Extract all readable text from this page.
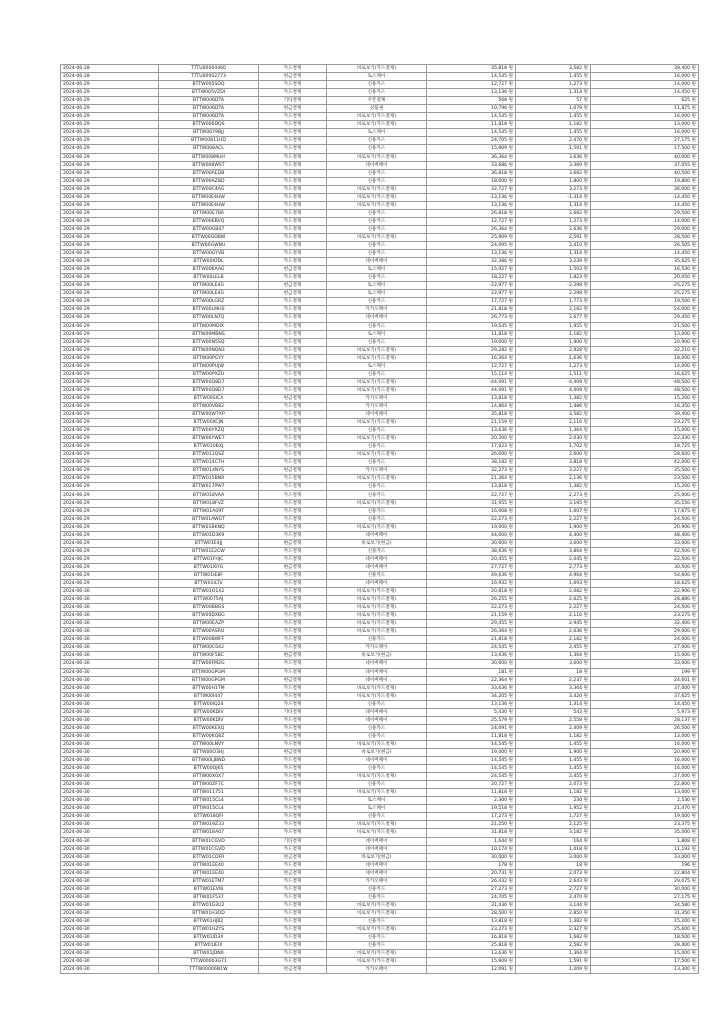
2024-06-28	TTTU00004460	카드결제	바로보기(카드결제)	35,818 원	3,582 원	39,400 원
2024-06-28	TTTU00002773	현금결제	토스페이	14,545 원	1,455 원	16,000 원
2024-06-29	BTTW005SDQ	카드결제	신용카드	12,727 원	1,273 원	14,000 원
2024-06-29	BTTW005VZDI	카드결제	신용카드	13,136 원	1,314 원	14,450 원
2024-06-29	BTTW006DTA	기타결제	쿠폰결제	568 원	57 원	625 원
2024-06-29	BTTW006DTA	현금결제	상품권	10,796 원	1,079 원	11,875 원
2024-06-29	BTTW006DTA	카드결제	바로보기(카드결제)	14,545 원	1,455 원	16,000 원
2024-06-29	BTTW006DQS	카드결제	바로보기(카드결제)	11,818 원	1,182 원	13,000 원
2024-06-29	BTTW0079BJJ	카드결제	토스페이	14,545 원	1,455 원	16,000 원
2024-06-29	BTTW00811HD	카드결제	신용카드	24,705 원	2,470 원	27,175 원
2024-06-29	BTTW008ACL	카드결제	신용카드	15,909 원	1,591 원	17,500 원
2024-06-29	BTTW008MUH	카드결제	바로보기(카드결제)	36,364 원	3,636 원	40,000 원
2024-06-29	BTTW008WST	카드결제	네이버페이	33,686 원	3,369 원	37,055 원
2024-06-29	BTTW00AEDB	카드결제	신용카드	36,818 원	3,682 원	40,500 원
2024-06-29	BTTW00AZBD	카드결제	신용카드	18,000 원	1,800 원	19,800 원
2024-06-29	BTTW00C4AG	카드결제	바로보기(카드결제)	32,727 원	3,273 원	36,000 원
2024-06-29	BTTW00E4HW	카드결제	바로보기(카드결제)	-13,136 원	-1,314 원	-14,450 원
2024-06-29	BTTW00E4HW	카드결제	바로보기(카드결제)	13,136 원	1,314 원	14,450 원
2024-06-29	BTTW00E7B6	카드결제	신용카드	26,818 원	2,682 원	29,500 원
2024-06-29	BTTW00EBVQ	카드결제	신용카드	12,727 원	1,273 원	14,000 원
2024-06-29	BTTW00GB07	카드결제	신용카드	26,364 원	2,636 원	29,000 원
2024-06-29	BTTW00GDBW	카드결제	바로보기(카드결제)	25,909 원	2,591 원	28,500 원
2024-06-29	BTTW00GWNU	카드결제	신용카드	24,095 원	2,410 원	26,505 원
2024-06-29	BTTW00GYVB	카드결제	신용카드	13,136 원	1,314 원	14,450 원
2024-06-29	BTTW00IODL	카드결제	네이버페이	32,386 원	3,239 원	35,625 원
2024-06-29	BTTW00KAAG	현금결제	토스페이	15,027 원	1,503 원	16,530 원
2024-06-29	BTTW00LELB	카드결제	신용카드	18,227 원	1,823 원	20,050 원
2024-06-29	BTTW00LE4G	현금결제	토스페이	-22,977 원	-2,298 원	-25,275 원
2024-06-29	BTTW00LE4G	현금결제	토스페이	22,977 원	2,298 원	25,275 원
2024-06-29	BTTW00LGRZ	카드결제	신용카드	17,727 원	1,773 원	19,500 원
2024-06-29	BTTW00LMHS	카드결제	카카오페이	21,818 원	2,182 원	24,000 원
2024-06-29	BTTW00LN7Q	카드결제	네이버페이	26,773 원	2,677 원	29,450 원
2024-06-29	BTTW00MDIX	카드결제	신용카드	19,545 원	1,955 원	21,500 원
2024-06-29	BTTW00MBNS	카드결제	토스페이	11,818 원	1,182 원	13,000 원
2024-06-29	BTTW00N5SQ	카드결제	신용카드	19,000 원	1,900 원	20,900 원
2024-06-29	BTTW00NQN3	카드결제	바로보기(카드결제)	29,282 원	2,928 원	32,210 원
2024-06-29	BTTW00PGYY	카드결제	바로보기(카드결제)	16,364 원	1,636 원	18,000 원
2024-06-29	BTTW00PUJW	카드결제	토스페이	12,727 원	1,273 원	14,000 원
2024-06-29	BTTW00PXZU	카드결제	신용카드	15,114 원	1,511 원	16,625 원
2024-06-29	BTTW00Q8D7	카드결제	바로보기(카드결제)	-44,091 원	-4,409 원	-48,500 원
2024-06-29	BTTW00Q8D7	카드결제	바로보기(카드결제)	44,091 원	4,409 원	48,500 원
2024-06-29	BTTW00SICA	현금결제	카카오페이	13,818 원	1,382 원	15,200 원
2024-06-29	BTTW00VB82	카드결제	카카오페이	14,864 원	1,486 원	16,350 원
2024-06-29	BTTW00W7XP	카드결제	네이버페이	35,818 원	3,582 원	39,400 원
2024-06-29	BTTW00XCJN	카드결제	바로보기(카드결제)	21,159 원	2,116 원	23,275 원
2024-06-29	BTTW00YRZQ	카드결제	신용카드	13,636 원	1,364 원	15,000 원
2024-06-29	BTTW00YWE7	카드결제	바로보기(카드결제)	20,300 원	2,030 원	22,330 원
2024-06-29	BTTW010BXJ	카드결제	신용카드	17,023 원	1,702 원	18,725 원
2024-06-29	BTTW011QSZ	카드결제	바로보기(카드결제)	26,000 원	2,600 원	28,600 원
2024-06-29	BTTW014C7H	카드결제	신용카드	38,182 원	3,818 원	42,000 원
2024-06-29	BTTW014NYS	현금결제	카카오페이	32,273 원	3,227 원	35,500 원
2024-06-29	BTTW015BNR	카드결제	바로보기(카드결제)	21,364 원	2,136 원	23,500 원
2024-06-29	BTTW017PW7	카드결제	신용카드	13,818 원	1,382 원	15,200 원
2024-06-29	BTTW018VAA	카드결제	신용카드	22,727 원	2,273 원	25,000 원
2024-06-29	BTTW018FVZ	카드결제	바로보기(카드결제)	31,955 원	3,195 원	35,150 원
2024-06-29	BTTW01A09T	카드결제	신용카드	16,068 원	1,607 원	17,675 원
2024-06-29	BTTW01AWGT	카드결제	신용카드	22,273 원	2,227 원	24,500 원
2024-06-29	BTTW01BKNQ	카드결제	바로보기(카드결제)	19,000 원	1,900 원	20,900 원
2024-06-29	BTTW01D3K9	카드결제	네이버페이	44,000 원	4,400 원	48,400 원
2024-06-29	BTTW01E4JJ	현금결제	바로보기(현금)	30,000 원	3,000 원	33,000 원
2024-06-29	BTTW01E2CW	카드결제	신용카드	38,636 원	3,864 원	42,500 원
2024-06-29	BTTW01FHJC	카드결제	네이버페이	20,455 원	2,045 원	22,500 원
2024-06-29	BTTW01I6YG	현금결제	네이버페이	27,727 원	2,773 원	30,500 원
2024-06-29	BTTW01IE8F	카드결제	신용카드	49,636 원	4,964 원	54,600 원
2024-06-29	BTTW01ILTV	카드결제	네이버페이	16,932 원	1,693 원	18,625 원
2024-06-30	BTTW01O1X2	카드결제	바로보기(카드결제)	20,818 원	2,082 원	22,900 원
2024-06-30	BTTW0075AJ	카드결제	바로보기(카드결제)	26,255 원	2,625 원	28,880 원
2024-06-30	BTTW00BBGS	카드결제	바로보기(카드결제)	22,273 원	2,227 원	24,500 원
2024-06-30	BTTW00DXBG	카드결제	바로보기(카드결제)	21,159 원	2,116 원	23,275 원
2024-06-30	BTTW00EAZP	카드결제	바로보기(카드결제)	29,455 원	2,945 원	32,400 원
2024-06-30	BTTW00ASRU	카드결제	바로보기(카드결제)	26,364 원	2,636 원	29,000 원
2024-06-30	BTTW00BWFF	카드결제	신용카드	21,818 원	2,182 원	24,000 원
2024-06-30	BTTW00C042	카드결제	카카오페이	24,545 원	2,455 원	27,000 원
2024-06-30	BTTW00F5BC	현금결제	바로보기(현금)	13,636 원	1,364 원	15,000 원
2024-06-30	BTTW00FM2G	카드결제	네이버페이	30,000 원	3,000 원	33,000 원
2024-06-30	BTTW00GPGM	카드결제	네이버페이	181 원	18 원	199 원
2024-06-30	BTTW00GPGM	현금결제	네이버페이	22,364 원	2,237 원	24,601 원
2024-06-30	BTTW00H1TM	카드결제	바로보기(카드결제)	33,636 원	3,364 원	37,000 원
2024-06-30	BTTW00I447	카드결제	바로보기(카드결제)	34,205 원	3,420 원	37,625 원
2024-06-30	BTTW00IQ24	카드결제	신용카드	13,136 원	1,314 원	14,450 원
2024-06-30	BTTW00KDIV	기타결제	네이버페이	5,430 원	543 원	5,973 원
2024-06-30	BTTW00KDIV	카드결제	네이버페이	25,579 원	2,558 원	28,137 원
2024-06-30	BTTW00KEXQ	카드결제	신용카드	24,091 원	2,409 원	26,500 원
2024-06-30	BTTW00KQ8Z	카드결제	신용카드	11,818 원	1,182 원	13,000 원
2024-06-30	BTTW00LNVY	카드결제	바로보기(카드결제)	14,545 원	1,455 원	16,000 원
2024-06-30	BTTW00O3HJ	현금결제	바로보기(현금)	19,000 원	1,900 원	20,900 원
2024-06-30	BTTW00LJBND	카드결제	네이버페이	14,545 원	1,455 원	16,000 원
2024-06-30	BTTW00QJ65	카드결제	신용카드	14,545 원	1,455 원	16,000 원
2024-06-30	BTTW00X0X7	카드결제	바로보기(카드결제)	24,545 원	2,455 원	27,000 원
2024-06-30	BTTW00ZF7C	카드결제	신용카드	20,727 원	2,073 원	22,800 원
2024-06-30	BTTW011751	카드결제	바로보기(카드결제)	11,818 원	1,182 원	13,000 원
2024-06-30	BTTW015CL4	카드결제	토스페이	2,300 원	230 원	2,530 원
2024-06-30	BTTW015CL4	카드결제	토스페이	19,518 원	1,952 원	21,470 원
2024-06-30	BTTW018QFI	카드결제	신용카드	17,273 원	1,727 원	19,000 원
2024-06-30	BTTW019Z33	카드결제	바로보기(카드결제)	21,250 원	2,125 원	23,375 원
2024-06-30	BTTW01BA07	카드결제	바로보기(카드결제)	31,818 원	3,182 원	35,000 원
2024-06-30	BTTW01CGVD	기타결제	네이버페이	1,644 원	164 원	1,808 원
2024-06-30	BTTW01CGVD	카드결제	네이버페이	10,174 원	1,018 원	11,192 원
2024-06-30	BTTW01COFR	현금결제	바로보기(현금)	30,000 원	3,000 원	33,000 원
2024-06-30	BTTW01EE40	카드결제	네이버페이	178 원	18 원	196 원
2024-06-30	BTTW01EE40	현금결제	네이버페이	20,731 원	2,073 원	22,804 원
2024-06-30	BTTW01ETM7	카드결제	카카오페이	26,432 원	2,643 원	29,075 원
2024-06-30	BTTW01EVI8	카드결제	신용카드	27,273 원	2,727 원	30,000 원
2024-06-30	BTTW01F537	카드결제	신용카드	24,705 원	2,470 원	27,175 원
2024-06-30	BTTW01G2U2	카드결제	바로보기(카드결제)	31,436 원	3,144 원	34,580 원
2024-06-30	BTTW01H3OD	카드결제	바로보기(카드결제)	28,500 원	2,850 원	31,350 원
2024-06-30	BTTW01HJB2	카드결제	신용카드	13,818 원	1,382 원	15,200 원
2024-06-30	BTTW01HZYS	카드결제	바로보기(카드결제)	23,273 원	2,327 원	25,600 원
2024-06-30	BTTW01ID3X	카드결제	신용카드	16,818 원	1,682 원	18,500 원
2024-06-30	BTTW01IEIX	카드결제	신용카드	25,818 원	2,582 원	28,400 원
2024-06-30	BTTW01JDN0	카드결제	바로보기(카드결제)	13,636 원	1,364 원	15,000 원
2024-06-30	TTTW00003G71	카드결제	바로보기(카드결제)	15,909 원	1,591 원	17,500 원
2024-06-30	TTTW00006N1W	현금결제	카카오페이	12,091 원	1,209 원	13,300 원
